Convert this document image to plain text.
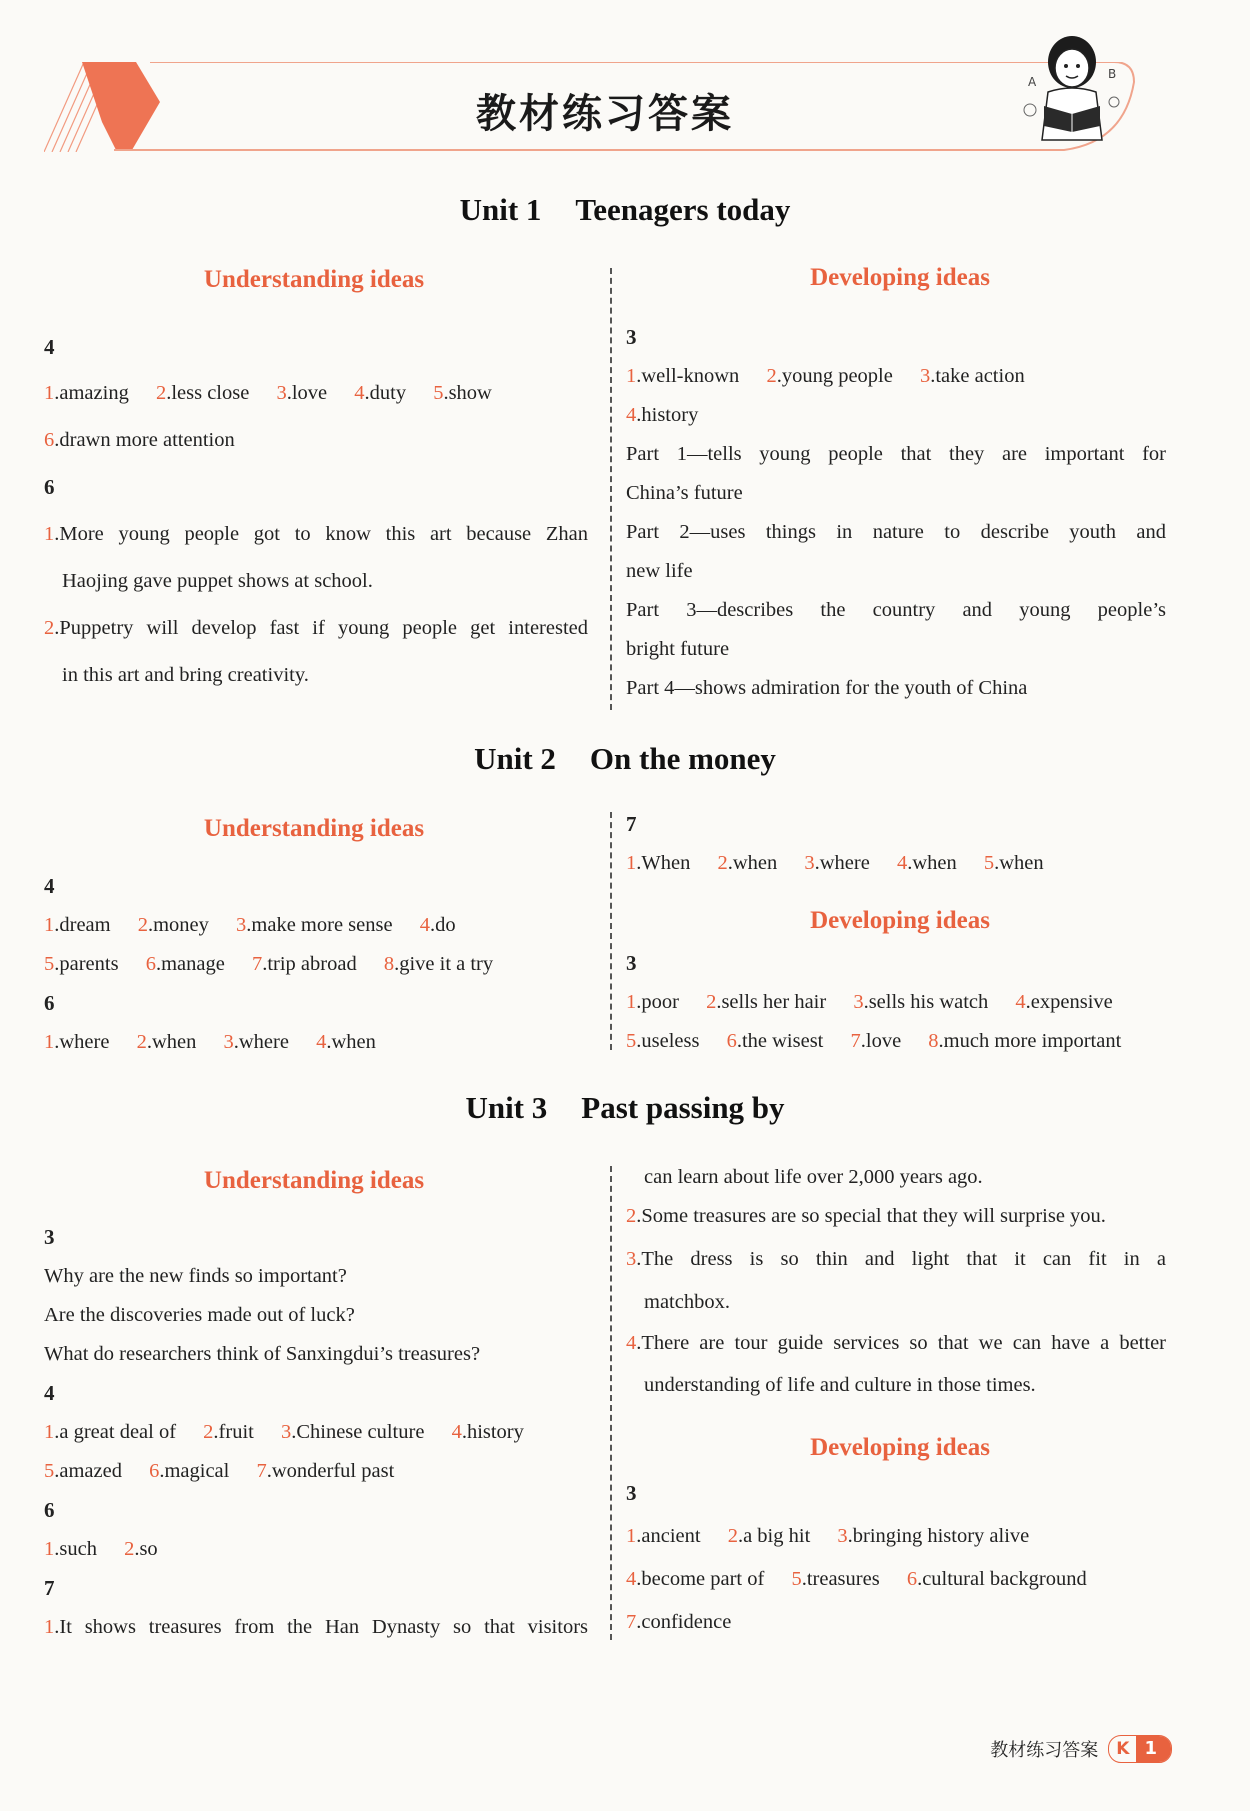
教材练习答案
A
B
Unit 1 Teenagers today
Understanding ideas	Developing ideas
4
1.amazing 2.less close 3.love 4.duty 5.show
6.drawn more attention
6
1.More young people got to know this art because Zhan
Haojing gave puppet shows at school.
2.Puppetry will develop fast if young people get interested
in this art and bring creativity.
3
1.well-known 2.young people 3.take action
4.history
Part 1—tells young people that they are important for
China’s future
Part 2—uses things in nature to describe youth and
new life
Part 3—describes the country and young people’s
bright future
Part 4—shows admiration for the youth of China
Unit 2 On the money
Understanding ideas
Developing ideas
4
1.dream 2.money 3.make more sense 4.do
5.parents 6.manage 7.trip abroad 8.give it a try
6
1.where 2.when 3.where 4.when
7
1.When 2.when 3.where 4.when 5.when
3
1.poor 2.sells her hair 3.sells his watch 4.expensive
5.useless 6.the wisest 7.love 8.much more important
Unit 3 Past passing by
Understanding ideas
Developing ideas
3
Why are the new finds so important?
Are the discoveries made out of luck?
What do researchers think of Sanxingdui’s treasures?
4
1.a great deal of 2.fruit 3.Chinese culture 4.history
5.amazed 6.magical 7.wonderful past
6
1.such 2.so
7
1.It shows treasures from the Han Dynasty so that visitors
can learn about life over 2,000 years ago.
2.Some treasures are so special that they will surprise you.
3.The dress is so thin and light that it can fit in a
matchbox.
4.There are tour guide services so that we can have a better
understanding of life and culture in those times.
3
1.ancient 2.a big hit 3.bringing history alive
4.become part of 5.treasures 6.cultural background
7.confidence
教材练习答案	K 1
